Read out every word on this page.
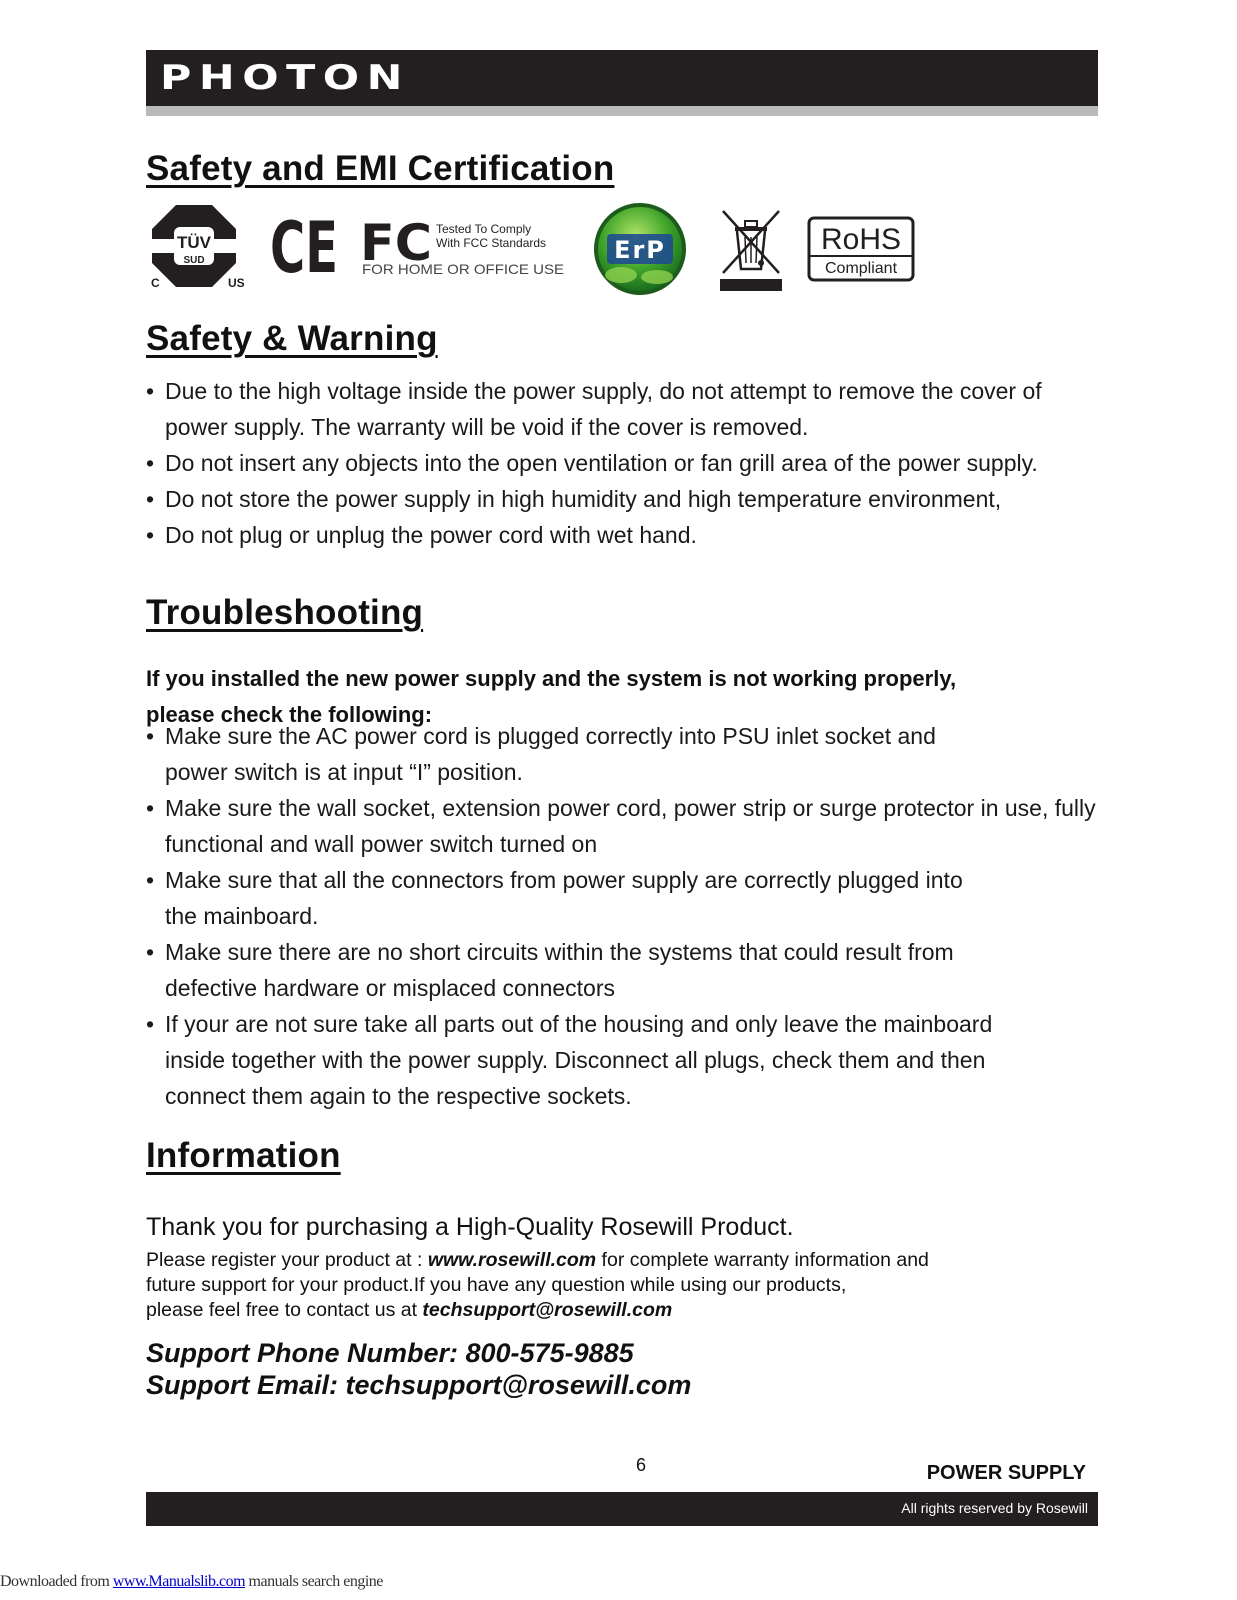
PHOTON
Safety and EMI Certification
TÜV
SUD
C	US CE FC Tested To Comply
With FCC Standards
FOR HOME OR OFFICE USE
ErP	RoHS
Compliant
Safety & Warning
• Due to the high voltage inside the power supply, do not attempt to remove the cover of power supply. The warranty will be void if the cover is removed.
• Do not insert any objects into the open ventilation or fan grill area of the power supply.
• Do not store the power supply in high humidity and high temperature environment,
• Do not plug or unplug the power cord with wet hand.
Troubleshooting
If you installed the new power supply and the system is not working properly,
please check the following:
• Make sure the AC power cord is plugged correctly into PSU inlet socket and power switch is at input “I” position.
• Make sure the wall socket, extension power cord, power strip or surge protector in use, fully functional and wall power switch turned on
• Make sure that all the connectors from power supply are correctly plugged into the mainboard.
• Make sure there are no short circuits within the systems that could result from defective hardware or misplaced connectors
• If your are not sure take all parts out of the housing and only leave the mainboard inside together with the power supply. Disconnect all plugs, check them and then connect them again to the respective sockets.
Information
Thank you for purchasing a High-Quality Rosewill Product.
Please register your product at : www.rosewill.com for complete warranty information and
future support for your product.If you have any question while using our products,
please feel free to contact us at techsupport@rosewill.com
Support Phone Number: 800-575-9885
Support Email: techsupport@rosewill.com
6	POWER SUPPLY
All rights reserved by Rosewill
Downloaded from www.Manualslib.com manuals search engine
